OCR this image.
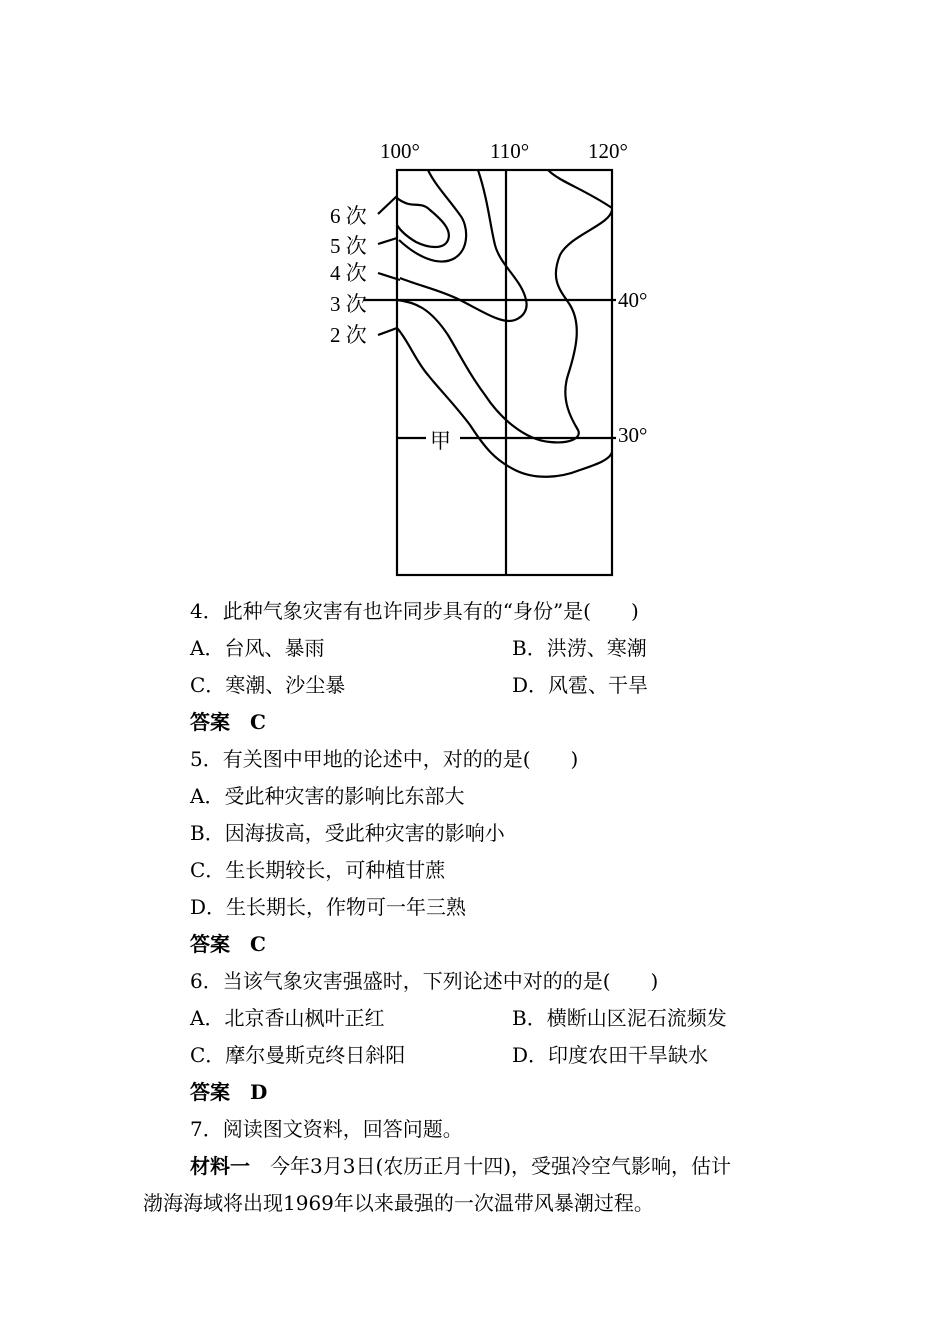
100°	110°	120°
40°
30°
6 次
5 次
4 次
3 次
2 次
甲
4．此种气象灾害有也许同步具有的“身份”是(　　)
A．台风、暴雨	B．洪涝、寒潮
C．寒潮、沙尘暴	D．风雹、干旱
答案　C
5．有关图中甲地的论述中，对的的是(　　)
A．受此种灾害的影响比东部大
B．因海拔高，受此种灾害的影响小
C．生长期较长，可种植甘蔗
D．生长期长，作物可一年三熟
答案　C
6．当该气象灾害强盛时，下列论述中对的的是(　　)
A．北京香山枫叶正红	B．横断山区泥石流频发
C．摩尔曼斯克终日斜阳	D．印度农田干旱缺水
答案　D
7．阅读图文资料，回答问题。
材料一　今年3月3日(农历正月十四)，受强冷空气影响，估计
渤海海域将出现1969年以来最强的一次温带风暴潮过程。
